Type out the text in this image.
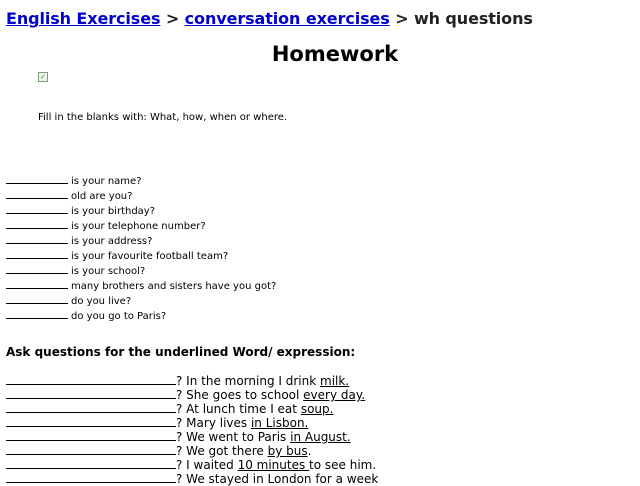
English Exercises > conversation exercises > wh questions
Homework
✓
Fill in the blanks with: What, how, when or where.
is your name?
old are you?
is your birthday?
is your telephone number?
is your address?
is your favourite football team?
is your school?
many brothers and sisters have you got?
do you live?
do you go to Paris?
Ask questions for the underlined Word/ expression:
? In the morning I drink milk.
? She goes to school every day.
? At lunch time I eat soup.
? Mary lives in Lisbon.
? We went to Paris in August.
? We got there by bus.
? I waited 10 minutes to see him.
? We stayed in London for a week
